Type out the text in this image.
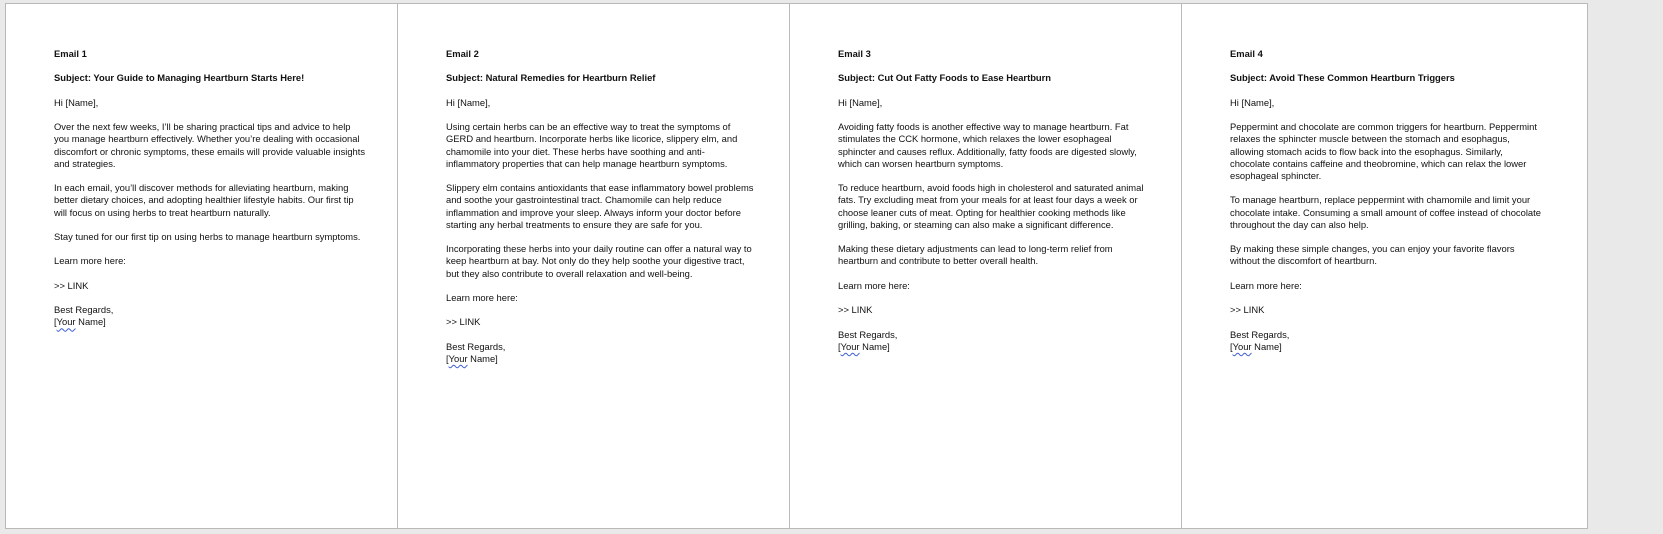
Email 1
Subject: Your Guide to Managing Heartburn Starts Here!
Hi [Name],
Over the next few weeks, I’ll be sharing practical tips and advice to help you manage heartburn effectively. Whether you’re dealing with occasional discomfort or chronic symptoms, these emails will provide valuable insights and strategies.
In each email, you’ll discover methods for alleviating heartburn, making better dietary choices, and adopting healthier lifestyle habits. Our first tip will focus on using herbs to treat heartburn naturally.
Stay tuned for our first tip on using herbs to manage heartburn symptoms.
Learn more here:
>> LINK
Best Regards,
[Your Name]
Email 2
Subject: Natural Remedies for Heartburn Relief
Hi [Name],
Using certain herbs can be an effective way to treat the symptoms of GERD and heartburn. Incorporate herbs like licorice, slippery elm, and chamomile into your diet. These herbs have soothing and anti-inflammatory properties that can help manage heartburn symptoms.
Slippery elm contains antioxidants that ease inflammatory bowel problems and soothe your gastrointestinal tract. Chamomile can help reduce inflammation and improve your sleep. Always inform your doctor before starting any herbal treatments to ensure they are safe for you.
Incorporating these herbs into your daily routine can offer a natural way to keep heartburn at bay. Not only do they help soothe your digestive tract, but they also contribute to overall relaxation and well-being.
Learn more here:
>> LINK
Best Regards,
[Your Name]
Email 3
Subject: Cut Out Fatty Foods to Ease Heartburn
Hi [Name],
Avoiding fatty foods is another effective way to manage heartburn. Fat stimulates the CCK hormone, which relaxes the lower esophageal sphincter and causes reflux. Additionally, fatty foods are digested slowly, which can worsen heartburn symptoms.
To reduce heartburn, avoid foods high in cholesterol and saturated animal fats. Try excluding meat from your meals for at least four days a week or choose leaner cuts of meat. Opting for healthier cooking methods like grilling, baking, or steaming can also make a significant difference.
Making these dietary adjustments can lead to long-term relief from heartburn and contribute to better overall health.
Learn more here:
>> LINK
Best Regards,
[Your Name]
Email 4
Subject: Avoid These Common Heartburn Triggers
Hi [Name],
Peppermint and chocolate are common triggers for heartburn. Peppermint relaxes the sphincter muscle between the stomach and esophagus, allowing stomach acids to flow back into the esophagus. Similarly, chocolate contains caffeine and theobromine, which can relax the lower esophageal sphincter.
To manage heartburn, replace peppermint with chamomile and limit your chocolate intake. Consuming a small amount of coffee instead of chocolate throughout the day can also help.
By making these simple changes, you can enjoy your favorite flavors without the discomfort of heartburn.
Learn more here:
>> LINK
Best Regards,
[Your Name]
